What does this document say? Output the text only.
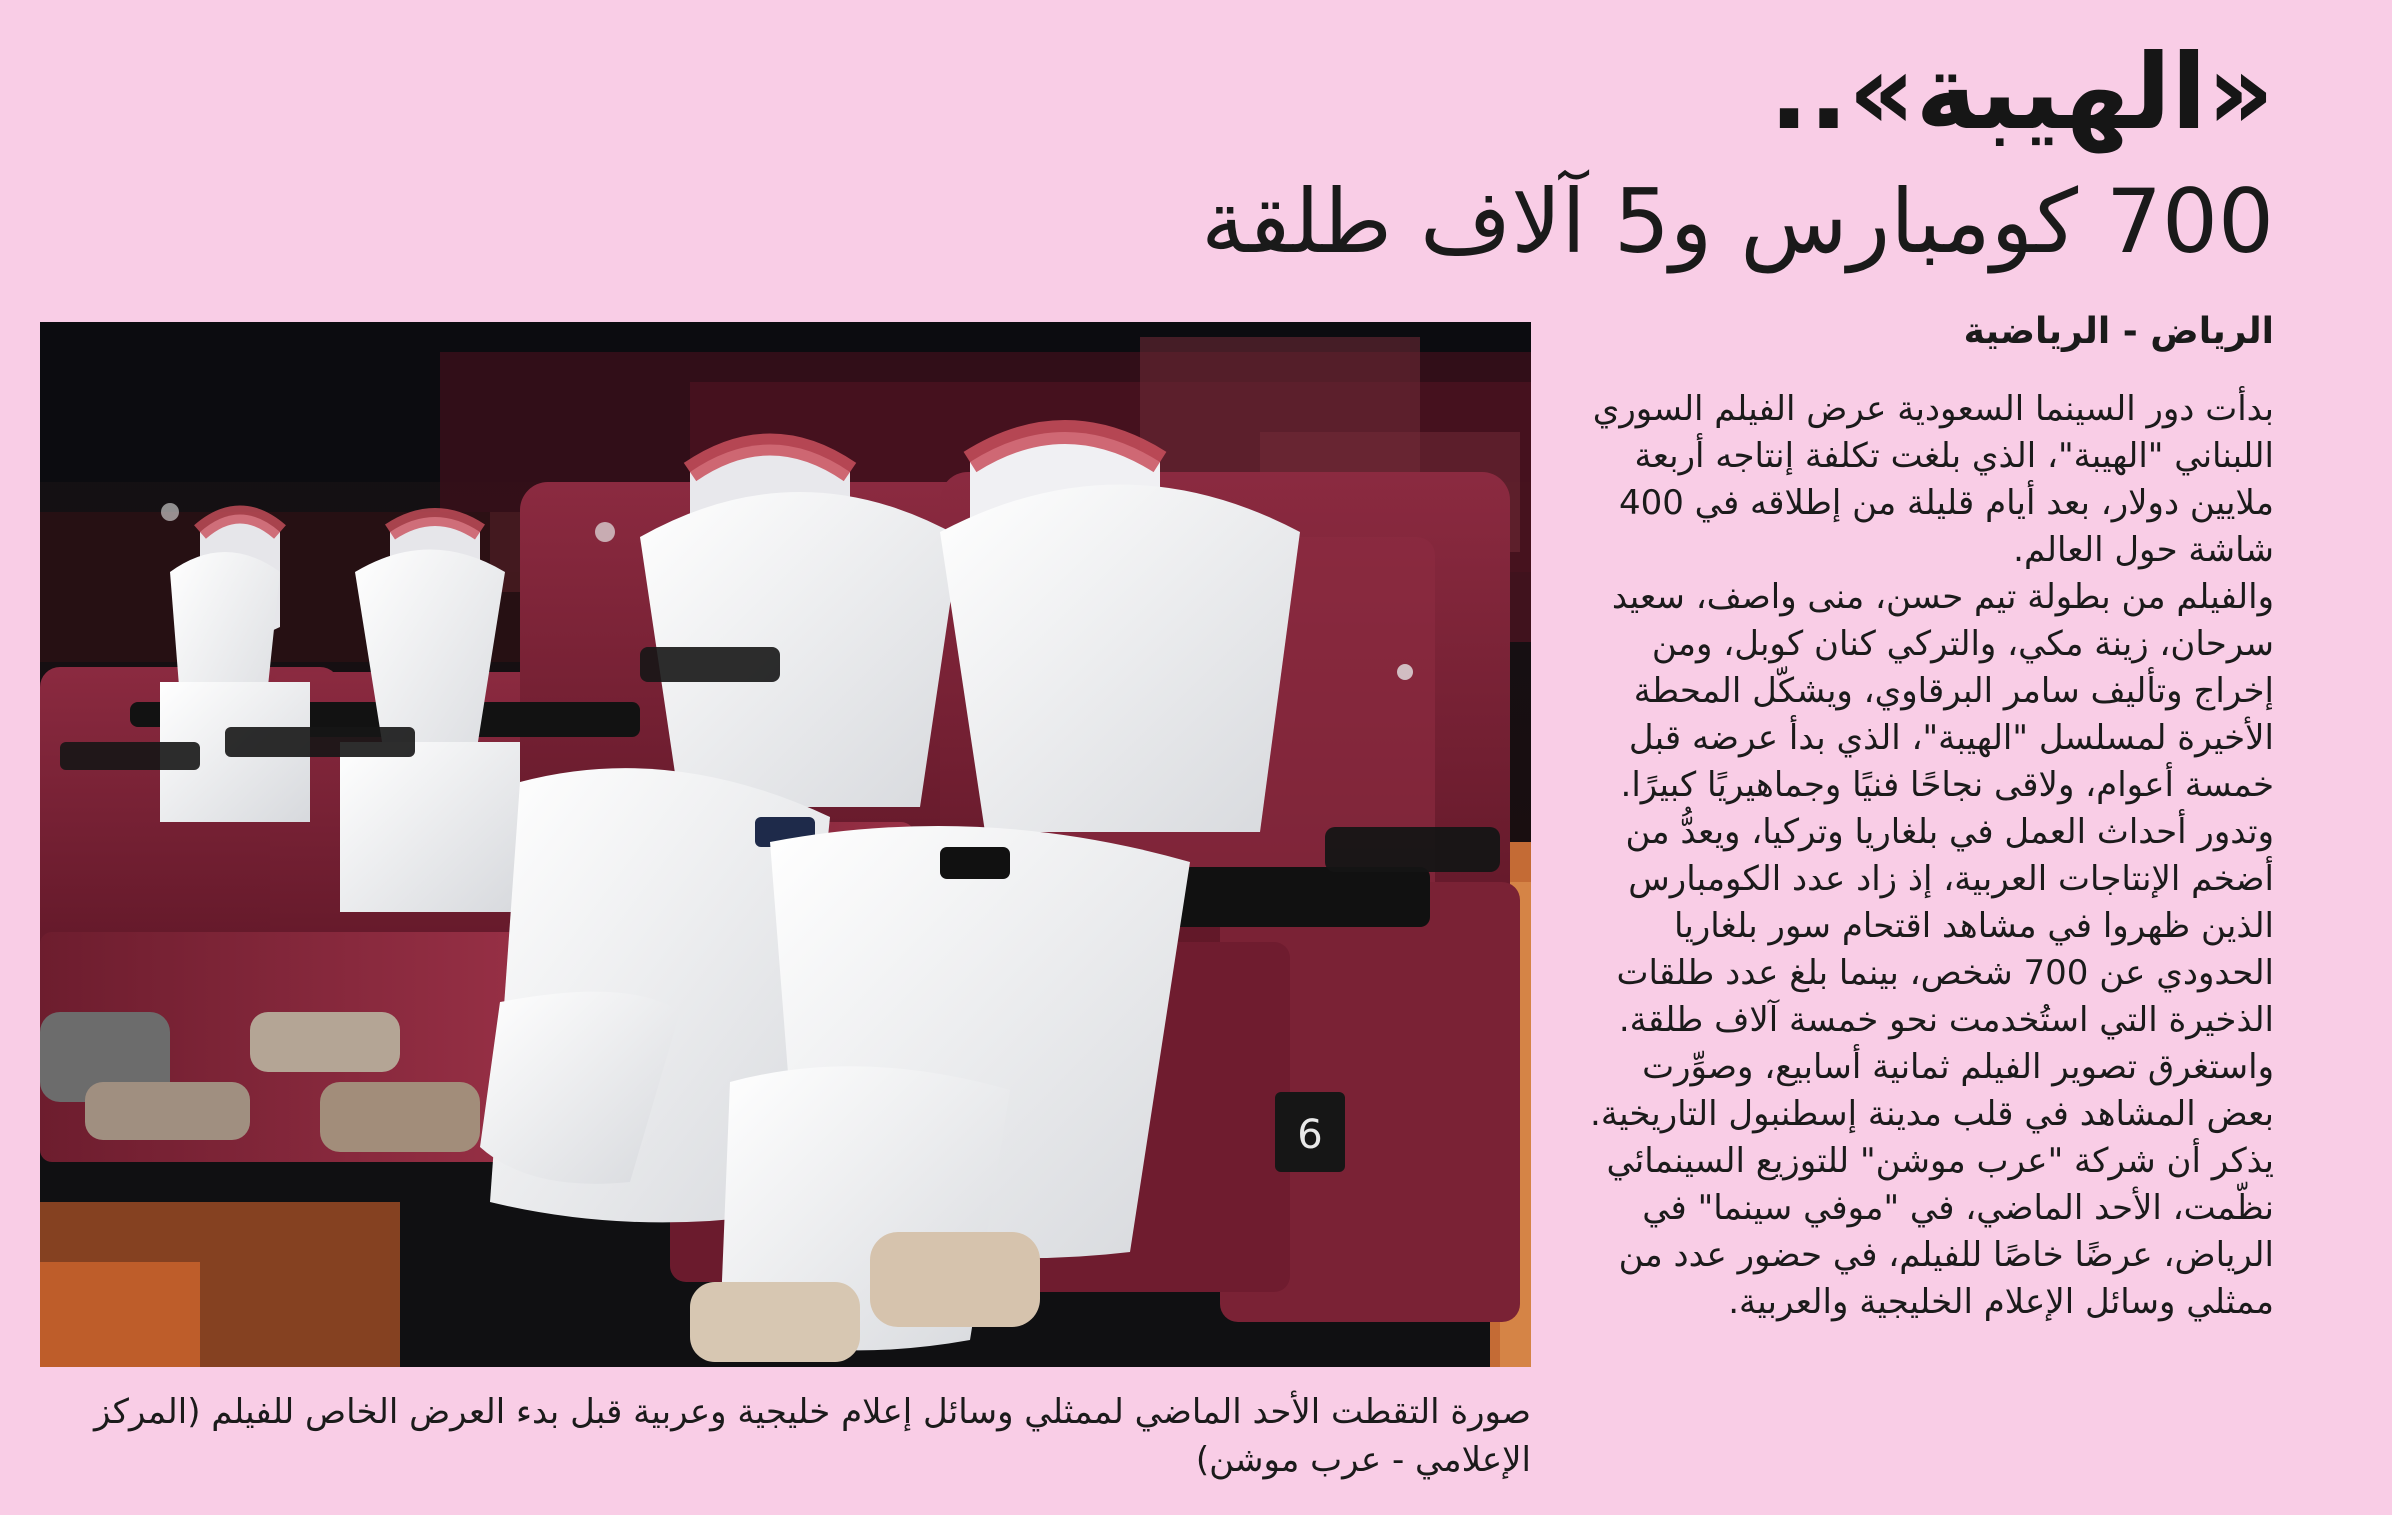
«الهيبة»..
700 كومبارس و5 آلاف طلقة
الرياض - الرياضية

بدأت دور السينما السعودية عرض الفيلم السوري اللبناني "الهيبة"، الذي بلغت تكلفة إنتاجه أربعة ملايين دولار، بعد أيام قليلة من إطلاقه في 400 شاشة حول العالم.

والفيلم من بطولة تيم حسن، منى واصف، سعيد سرحان، زينة مكي، والتركي كنان كوبل، ومن إخراج وتأليف سامر البرقاوي، ويشكّل المحطة الأخيرة لمسلسل "الهيبة"، الذي بدأ عرضه قبل خمسة أعوام، ولاقى نجاحًا فنيًا وجماهيريًا كبيرًا.

وتدور أحداث العمل في بلغاريا وتركيا، ويعدُّ من أضخم الإنتاجات العربية، إذ زاد عدد الكومبارس الذين ظهروا في مشاهد اقتحام سور بلغاريا الحدودي عن 700 شخص، بينما بلغ عدد طلقات الذخيرة التي استُخدمت نحو خمسة آلاف طلقة. واستغرق تصوير الفيلم ثمانية أسابيع، وصوِّرت بعض المشاهد في قلب مدينة إسطنبول التاريخية.

يذكر أن شركة "عرب موشن" للتوزيع السينمائي نظّمت، الأحد الماضي، في "موفي سينما" في الرياض، عرضًا خاصًا للفيلم، في حضور عدد من ممثلي وسائل الإعلام الخليجية والعربية.

6
صورة التقطت الأحد الماضي لممثلي وسائل إعلام خليجية وعربية قبل بدء العرض الخاص للفيلم (المركز الإعلامي - عرب موشن)
